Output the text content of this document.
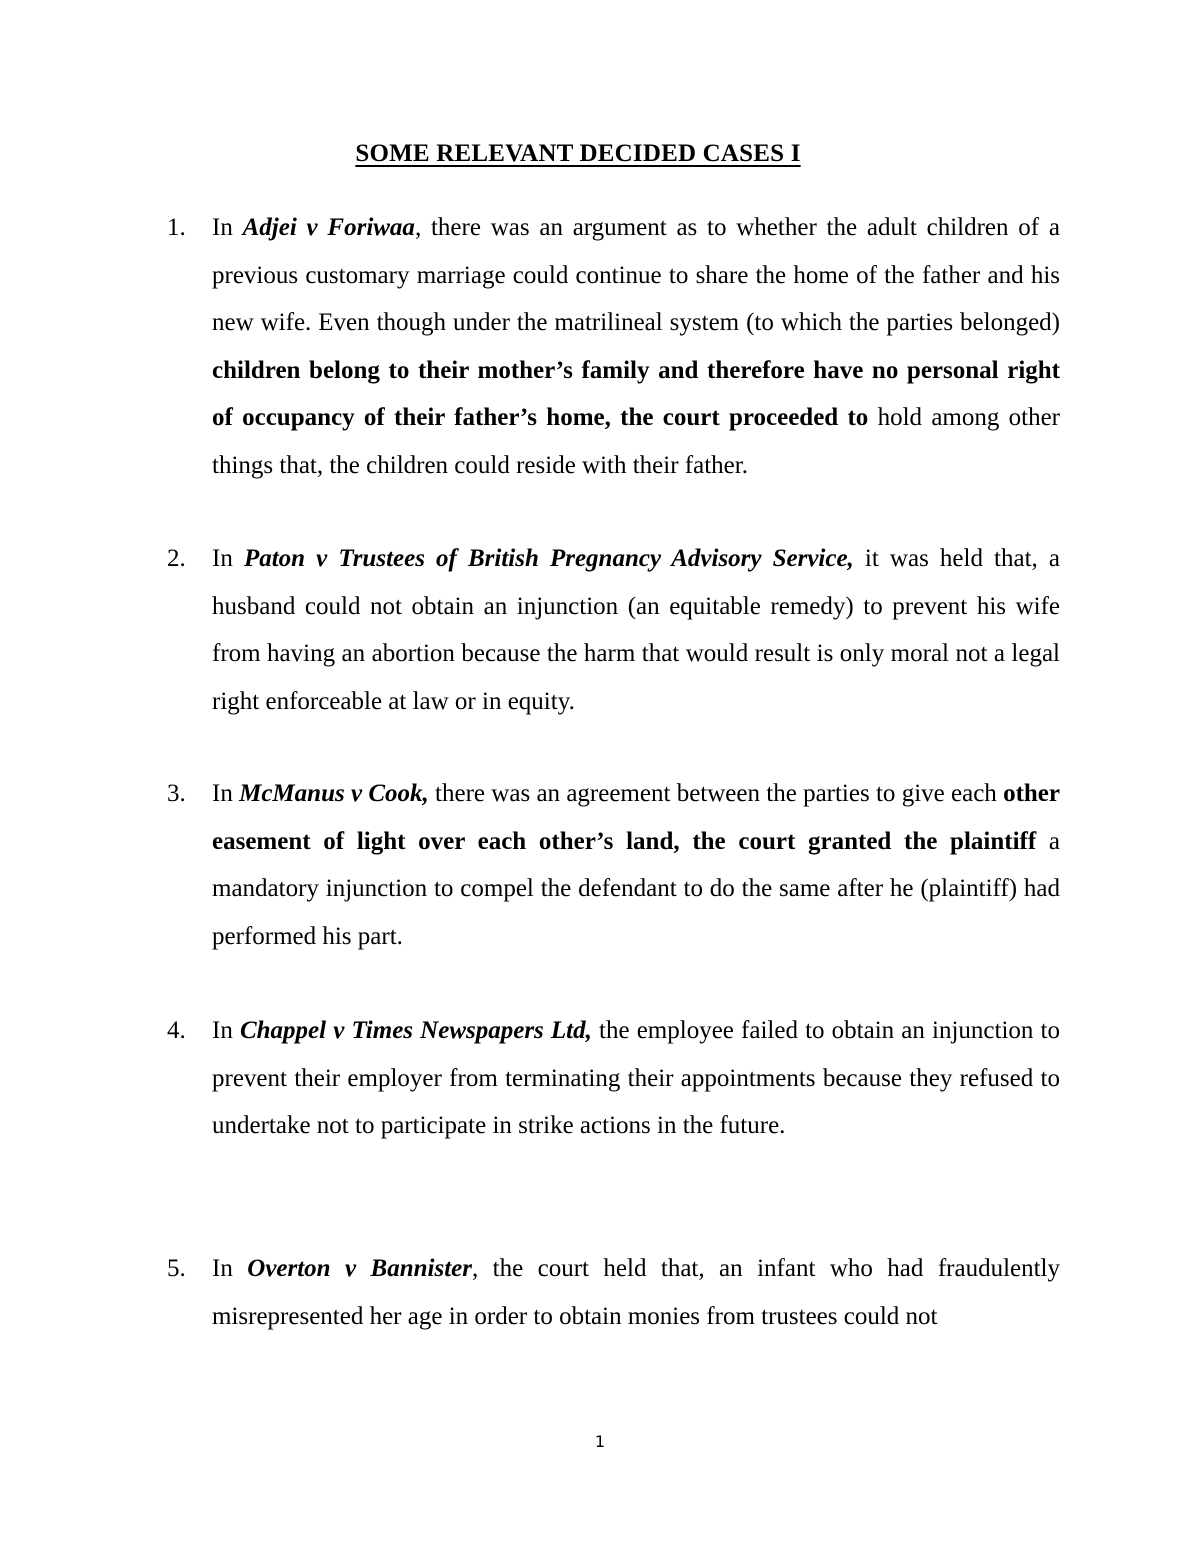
SOME RELEVANT DECIDED CASES I
1.	In Adjei v Foriwaa, there was an argument as to whether the adult children of a previous customary marriage could continue to share the home of the father and his new wife. Even though under the matrilineal system (to which the parties belonged) children belong to their mother’s family and therefore have no personal right of occupancy of their father’s home, the court proceeded to hold among other things that, the children could reside with their father.
2.	In Paton v Trustees of British Pregnancy Advisory Service, it was held that, a husband could not obtain an injunction (an equitable remedy) to prevent his wife from having an abortion because the harm that would result is only moral not a legal right enforceable at law or in equity.
3.	In McManus v Cook, there was an agreement between the parties to give each other easement of light over each other’s land, the court granted the plaintiff a mandatory injunction to compel the defendant to do the same after he (plaintiff) had performed his part.
4.	In Chappel v Times Newspapers Ltd, the employee failed to obtain an injunction to prevent their employer from terminating their appointments because they refused to undertake not to participate in strike actions in the future.
5.	In Overton v Bannister, the court held that, an infant who had fraudulently misrepresented her age in order to obtain monies from trustees could not
1
